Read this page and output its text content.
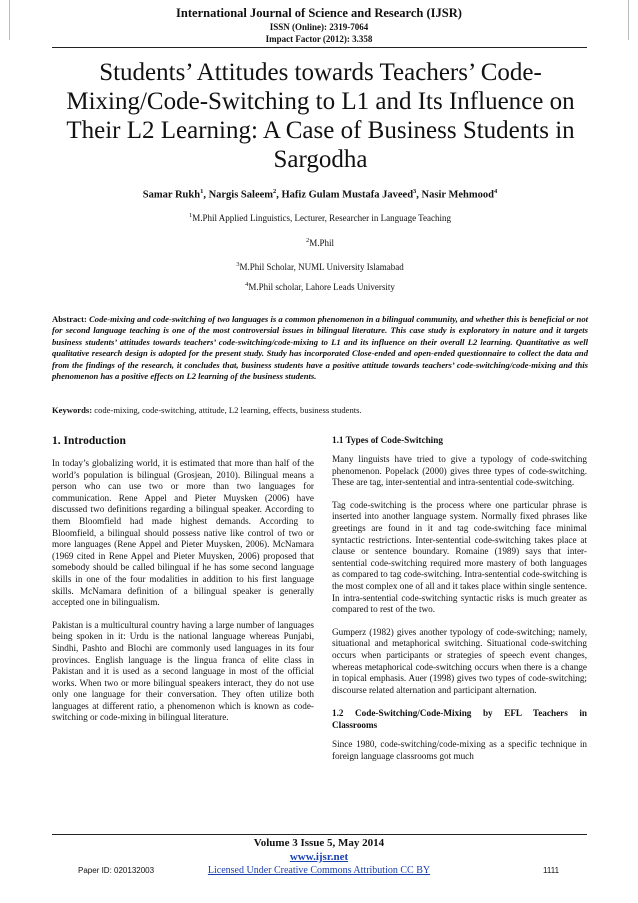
International Journal of Science and Research (IJSR)
ISSN (Online): 2319-7064
Impact Factor (2012): 3.358
Students’ Attitudes towards Teachers’ Code-Mixing/Code-Switching to L1 and Its Influence on Their L2 Learning: A Case of Business Students in Sargodha
Samar Rukh$^1$, Nargis Saleem$^2$, Hafiz Gulam Mustafa Javeed$^3$, Nasir Mehmood$^4$
$^1$M.Phil Applied Linguistics, Lecturer, Researcher in Language Teaching
$^2$M.Phil
$^3$M.Phil Scholar, NUML University Islamabad
$^4$M.Phil scholar, Lahore Leads University
Abstract: Code-mixing and code-switching of two languages is a common phenomenon in a bilingual community, and whether this is beneficial or not for second language teaching is one of the most controversial issues in bilingual literature. This case study is exploratory in nature and it targets business students’ attitudes towards teachers’ code-switching/code-mixing to L1 and its influence on their overall L2 learning. Quantitative as well qualitative research design is adopted for the present study. Study has incorporated Close-ended and open-ended questionnaire to collect the data and from the findings of the research, it concludes that, business students have a positive attitude towards teachers’ code-switching/code-mixing and this phenomenon has a positive effects on L2 learning of the business students.
Keywords: code-mixing, code-switching, attitude, L2 learning, effects, business students.
1. Introduction

In today’s globalizing world, it is estimated that more than half of the world’s population is bilingual (Grosjean, 2010). Bilingual means a person who can use two or more than two languages for communication. Rene Appel and Pieter Muysken (2006) have discussed two definitions regarding a bilingual speaker. According to them Bloomfield had made highest demands. According to Bloomfield, a bilingual should possess native like control of two or more languages (Rene Appel and Pieter Muysken, 2006). McNamara (1969 cited in Rene Appel and Pieter Muysken, 2006) proposed that somebody should be called bilingual if he has some second language skills in one of the four modalities in addition to his first language skills. McNamara definition of a bilingual speaker is generally accepted one in bilingualism.

Pakistan is a multicultural country having a large number of languages being spoken in it: Urdu is the national language whereas Punjabi, Sindhi, Pashto and Blochi are commonly used languages in its four provinces. English language is the lingua franca of elite class in Pakistan and it is used as a second language in most of the official works. When two or more bilingual speakers interact, they do not use only one language for their conversation. They often utilize both languages at different ratio, a phenomenon which is known as code-switching or code-mixing in bilingual literature.

1.1 Types of Code-Switching

Many linguists have tried to give a typology of code-switching phenomenon. Popelack (2000) gives three types of code-switching. These are tag, inter-sentential and intra-sentential code-switching.

Tag code-switching is the process where one particular phrase is inserted into another language system. Normally fixed phrases like greetings are found in it and tag code-switching face minimal syntactic restrictions. Inter-sentential code-switching takes place at clause or sentence boundary. Romaine (1989) says that inter-sentential code-switching required more mastery of both languages as compared to tag code-switching. Intra-sentential code-switching is the most complex one of all and it takes place within single sentence. In intra-sentential code-switching syntactic risks is much greater as compared to rest of the two.

Gumperz (1982) gives another typology of code-switching; namely, situational and metaphorical switching. Situational code-switching occurs when participants or strategies of speech event changes, whereas metaphorical code-switching occurs when there is a change in topical emphasis. Auer (1998) gives two types of code-switching; discourse related alternation and participant alternation.

1.2 Code-Switching/Code-Mixing by EFL Teachers in Classrooms

Since 1980, code-switching/code-mixing as a specific technique in foreign language classrooms got much

Volume 3 Issue 5, May 2014
www.ijsr.net
Licensed Under Creative Commons Attribution CC BY
Paper ID: 020132003	1111
